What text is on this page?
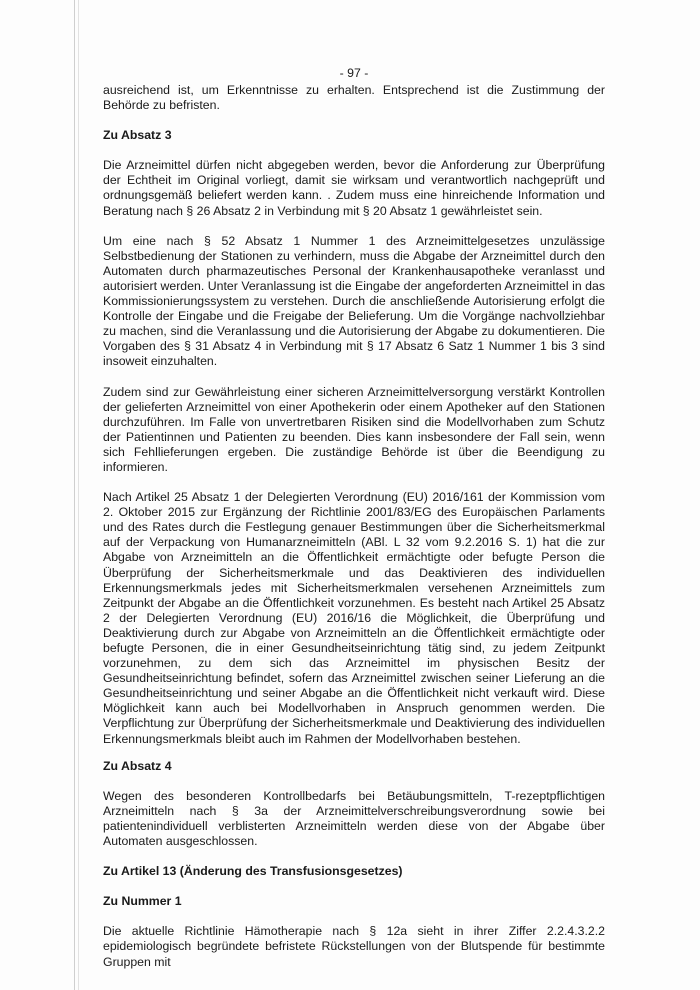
- 97 -

ausreichend ist, um Erkenntnisse zu erhalten. Entsprechend ist die Zustimmung der Behörde zu befristen.

Zu Absatz 3

Die Arzneimittel dürfen nicht abgegeben werden, bevor die Anforderung zur Überprüfung der Echtheit im Original vorliegt, damit sie wirksam und verantwortlich nachgeprüft und ordnungsgemäß beliefert werden kann. . Zudem muss eine hinreichende Information und Beratung nach § 26 Absatz 2 in Verbindung mit § 20 Absatz 1 gewährleistet sein.

Um eine nach § 52 Absatz 1 Nummer 1 des Arzneimittelgesetzes unzulässige Selbstbedienung der Stationen zu verhindern, muss die Abgabe der Arzneimittel durch den Automaten durch pharmazeutisches Personal der Krankenhausapotheke veranlasst und autorisiert werden. Unter Veranlassung ist die Eingabe der angeforderten Arzneimittel in das Kommissionierungssystem zu verstehen. Durch die anschließende Autorisierung erfolgt die Kontrolle der Eingabe und die Freigabe der Belieferung. Um die Vorgänge nachvollziehbar zu machen, sind die Veranlassung und die Autorisierung der Abgabe zu dokumentieren. Die Vorgaben des § 31 Absatz 4 in Verbindung mit § 17 Absatz 6 Satz 1 Nummer 1 bis 3 sind insoweit einzuhalten.

Zudem sind zur Gewährleistung einer sicheren Arzneimittelversorgung verstärkt Kontrollen der gelieferten Arzneimittel von einer Apothekerin oder einem Apotheker auf den Stationen durchzuführen. Im Falle von unvertretbaren Risiken sind die Modellvorhaben zum Schutz der Patientinnen und Patienten zu beenden. Dies kann insbesondere der Fall sein, wenn sich Fehllieferungen ergeben. Die zuständige Behörde ist über die Beendigung zu informieren.

Nach Artikel 25 Absatz 1 der Delegierten Verordnung (EU) 2016/161 der Kommission vom 2. Oktober 2015 zur Ergänzung der Richtlinie 2001/83/EG des Europäischen Parlaments und des Rates durch die Festlegung genauer Bestimmungen über die Sicherheitsmerkmal auf der Verpackung von Humanarzneimitteln (ABl. L 32 vom 9.2.2016 S. 1) hat die zur Abgabe von Arzneimitteln an die Öffentlichkeit ermächtigte oder befugte Person die Überprüfung der Sicherheitsmerkmale und das Deaktivieren des individuellen Erkennungsmerkmals jedes mit Sicherheitsmerkmalen versehenen Arzneimittels zum Zeitpunkt der Abgabe an die Öffentlichkeit vorzunehmen. Es besteht nach Artikel 25 Absatz 2 der Delegierten Verordnung (EU) 2016/16 die Möglichkeit, die Überprüfung und Deaktivierung durch zur Abgabe von Arzneimitteln an die Öffentlichkeit ermächtigte oder befugte Personen, die in einer Gesundheitseinrichtung tätig sind, zu jedem Zeitpunkt vorzunehmen, zu dem sich das Arzneimittel im physischen Besitz der Gesundheitseinrichtung befindet, sofern das Arzneimittel zwischen seiner Lieferung an die Gesundheitseinrichtung und seiner Abgabe an die Öffentlichkeit nicht verkauft wird. Diese Möglichkeit kann auch bei Modellvorhaben in Anspruch genommen werden. Die Verpflichtung zur Überprüfung der Sicherheitsmerkmale und Deaktivierung des individuellen Erkennungsmerkmals bleibt auch im Rahmen der Modellvorhaben bestehen.

Zu Absatz 4

Wegen des besonderen Kontrollbedarfs bei Betäubungsmitteln, T-rezeptpflichtigen Arzneimitteln nach § 3a der Arzneimittelverschreibungsverordnung sowie bei patientenindividuell verblisterten Arzneimitteln werden diese von der Abgabe über Automaten ausgeschlossen.

Zu Artikel 13 (Änderung des Transfusionsgesetzes)
Zu Nummer 1

Die aktuelle Richtlinie Hämotherapie nach § 12a sieht in ihrer Ziffer 2.2.4.3.2.2 epidemiologisch begründete befristete Rückstellungen von der Blutspende für bestimmte Gruppen mit
